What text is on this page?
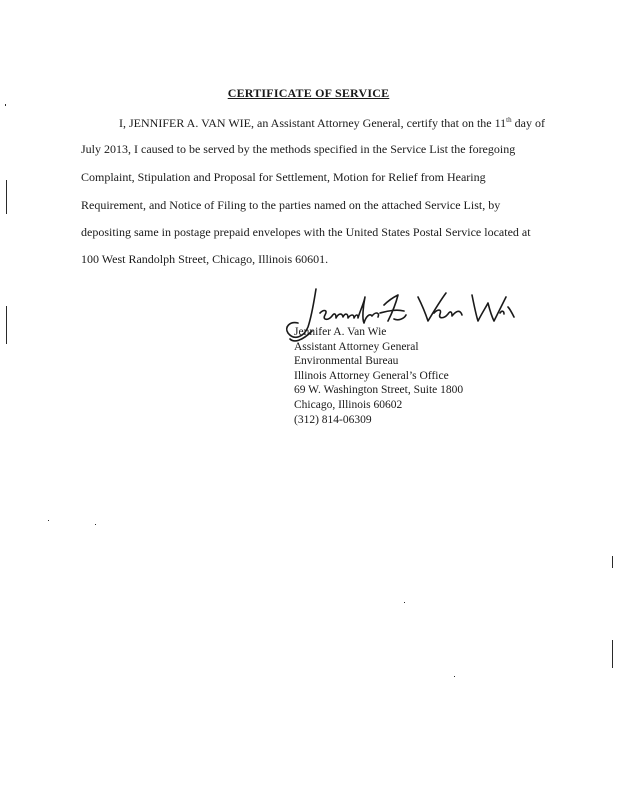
CERTIFICATE OF SERVICE
I, JENNIFER A. VAN WIE, an Assistant Attorney General, certify that on the 11th day of
July 2013, I caused to be served by the methods specified in the Service List the foregoing
Complaint, Stipulation and Proposal for Settlement, Motion for Relief from Hearing
Requirement, and Notice of Filing to the parties named on the attached Service List, by
depositing same in postage prepaid envelopes with the United States Postal Service located at
100 West Randolph Street, Chicago, Illinois 60601.
Jennifer A. Van Wie
Assistant Attorney General
Environmental Bureau
Illinois Attorney General’s Office
69 W. Washington Street, Suite 1800
Chicago, Illinois 60602
(312) 814-06309
